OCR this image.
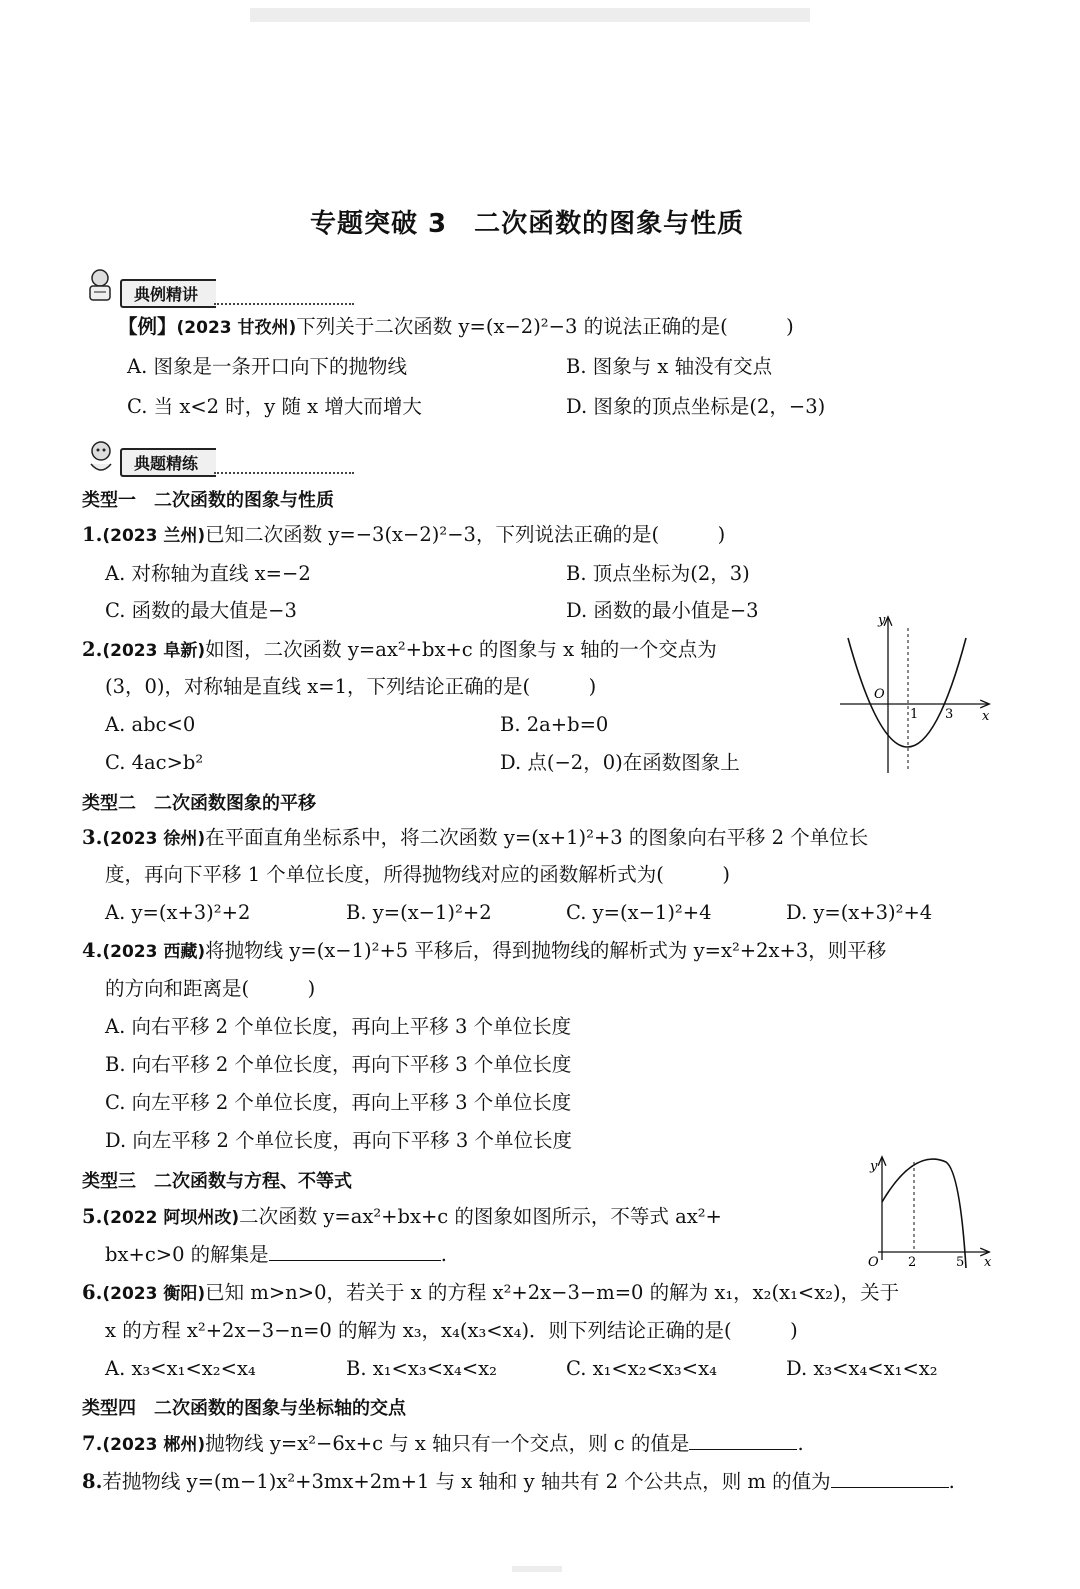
专题突破 3　二次函数的图象与性质
典例精讲
【例】(2023 甘孜州)下列关于二次函数 y=(x−2)²−3 的说法正确的是(　　　)
A. 图象是一条开口向下的抛物线	B. 图象与 x 轴没有交点
C. 当 x<2 时，y 随 x 增大而增大	D. 图象的顶点坐标是(2，−3)
典题精练
类型一　二次函数的图象与性质
1.(2023 兰州)已知二次函数 y=−3(x−2)²−3，下列说法正确的是(　　　)
A. 对称轴为直线 x=−2	B. 顶点坐标为(2，3)
C. 函数的最大值是−3	D. 函数的最小值是−3
2.(2023 阜新)如图，二次函数 y=ax²+bx+c 的图象与 x 轴的一个交点为
(3，0)，对称轴是直线 x=1，下列结论正确的是(　　　)
A. abc<0	B. 2a+b=0
C. 4ac>b²	D. 点(−2，0)在函数图象上
y
x
O
1 3
类型二　二次函数图象的平移
3.(2023 徐州)在平面直角坐标系中，将二次函数 y=(x+1)²+3 的图象向右平移 2 个单位长
度，再向下平移 1 个单位长度，所得抛物线对应的函数解析式为(　　　)
A. y=(x+3)²+2	B. y=(x−1)²+2	C. y=(x−1)²+4	D. y=(x+3)²+4
4.(2023 西藏)将抛物线 y=(x−1)²+5 平移后，得到抛物线的解析式为 y=x²+2x+3，则平移
的方向和距离是(　　　)
A. 向右平移 2 个单位长度，再向上平移 3 个单位长度
B. 向右平移 2 个单位长度，再向下平移 3 个单位长度
C. 向左平移 2 个单位长度，再向上平移 3 个单位长度
D. 向左平移 2 个单位长度，再向下平移 3 个单位长度
类型三　二次函数与方程、不等式
5.(2022 阿坝州改)二次函数 y=ax²+bx+c 的图象如图所示，不等式 ax²+
bx+c>0 的解集是	.
y
x
O 2	5
6.(2023 衡阳)已知 m>n>0，若关于 x 的方程 x²+2x−3−m=0 的解为 x₁，x₂(x₁<x₂)，关于
x 的方程 x²+2x−3−n=0 的解为 x₃，x₄(x₃<x₄)．则下列结论正确的是(　　　)
A. x₃<x₁<x₂<x₄	B. x₁<x₃<x₄<x₂	C. x₁<x₂<x₃<x₄	D. x₃<x₄<x₁<x₂
类型四　二次函数的图象与坐标轴的交点
7.(2023 郴州)抛物线 y=x²−6x+c 与 x 轴只有一个交点，则 c 的值是	.
8.若抛物线 y=(m−1)x²+3mx+2m+1 与 x 轴和 y 轴共有 2 个公共点，则 m 的值为	.
